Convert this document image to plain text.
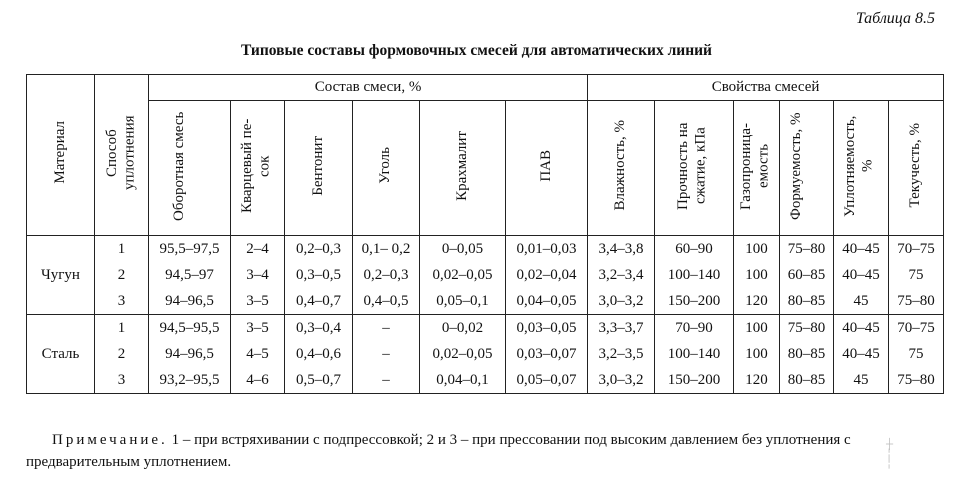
Таблица 8.5
Типовые составы формовочных смесей для автоматических линий
Материал	Способ уплотнения	Состав смеси, %						Свойства смесей					
		Оборотная смесь	Кварцевый пе-сок	Бентонит	Уголь	Крахмалит	ПАВ	Влажность, %	Прочность на сжатие, кПа	Газопроница-емость	Формуемость, %	Уплотняемость, %	Текучесть, %
Чугун	1	95,5–97,5	2–4	0,2–0,3	0,1– 0,2	0–0,05	0,01–0,03	3,4–3,8	60–90	100	75–80	40–45	70–75
	2	94,5–97	3–4	0,3–0,5	0,2–0,3	0,02–0,05	0,02–0,04	3,2–3,4	100–140	100	60–85	40–45	75
	3	94–96,5	3–5	0,4–0,7	0,4–0,5	0,05–0,1	0,04–0,05	3,0–3,2	150–200	120	80–85	45	75–80
Сталь	1	94,5–95,5	3–5	0,3–0,4	–	0–0,02	0,03–0,05	3,3–3,7	70–90	100	75–80	40–45	70–75
	2	94–96,5	4–5	0,4–0,6	–	0,02–0,05	0,03–0,07	3,2–3,5	100–140	100	80–85	40–45	75
	3	93,2–95,5	4–6	0,5–0,7	–	0,04–0,1	0,05–0,07	3,0–3,2	150–200	120	80–85	45	75–80
Примечание. 1 – при встряхивании с подпрессовкой; 2 и 3 – при прессовании под высоким давлением без уплотнения с предварительным уплотнением.
┼
╎
╎
